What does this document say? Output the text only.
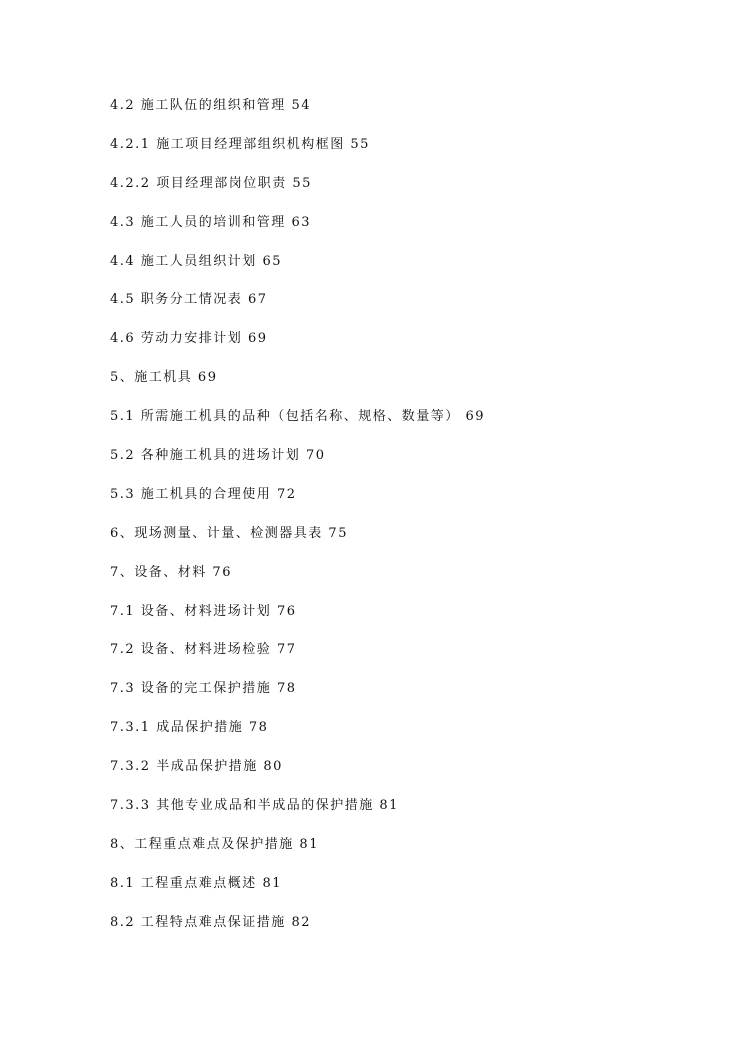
4.2 施工队伍的组织和管理 54
4.2.1 施工项目经理部组织机构框图 55
4.2.2 项目经理部岗位职责 55
4.3 施工人员的培训和管理 63
4.4 施工人员组织计划 65
4.5 职务分工情况表 67
4.6 劳动力安排计划 69
5、施工机具 69
5.1 所需施工机具的品种（包括名称、规格、数量等） 69
5.2 各种施工机具的进场计划 70
5.3 施工机具的合理使用 72
6、现场测量、计量、检测器具表 75
7、设备、材料 76
7.1 设备、材料进场计划 76
7.2 设备、材料进场检验 77
7.3 设备的完工保护措施 78
7.3.1 成品保护措施 78
7.3.2 半成品保护措施 80
7.3.3 其他专业成品和半成品的保护措施 81
8、工程重点难点及保护措施 81
8.1 工程重点难点概述 81
8.2 工程特点难点保证措施 82
